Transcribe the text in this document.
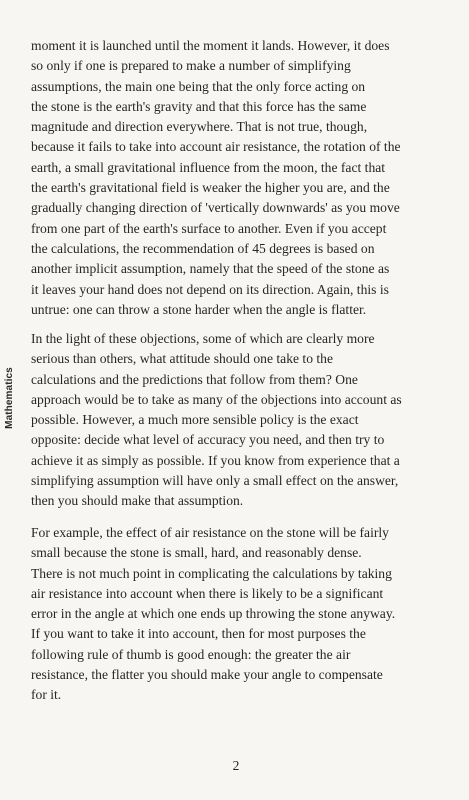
Mathematics
moment it is launched until the moment it lands. However, it does
so only if one is prepared to make a number of simplifying
assumptions, the main one being that the only force acting on
the stone is the earth's gravity and that this force has the same
magnitude and direction everywhere. That is not true, though,
because it fails to take into account air resistance, the rotation of the
earth, a small gravitational influence from the moon, the fact that
the earth's gravitational field is weaker the higher you are, and the
gradually changing direction of 'vertically downwards' as you move
from one part of the earth's surface to another. Even if you accept
the calculations, the recommendation of 45 degrees is based on
another implicit assumption, namely that the speed of the stone as
it leaves your hand does not depend on its direction. Again, this is
untrue: one can throw a stone harder when the angle is flatter.
In the light of these objections, some of which are clearly more
serious than others, what attitude should one take to the
calculations and the predictions that follow from them? One
approach would be to take as many of the objections into account as
possible. However, a much more sensible policy is the exact
opposite: decide what level of accuracy you need, and then try to
achieve it as simply as possible. If you know from experience that a
simplifying assumption will have only a small effect on the answer,
then you should make that assumption.
For example, the effect of air resistance on the stone will be fairly
small because the stone is small, hard, and reasonably dense.
There is not much point in complicating the calculations by taking
air resistance into account when there is likely to be a significant
error in the angle at which one ends up throwing the stone anyway.
If you want to take it into account, then for most purposes the
following rule of thumb is good enough: the greater the air
resistance, the flatter you should make your angle to compensate
for it.
2
